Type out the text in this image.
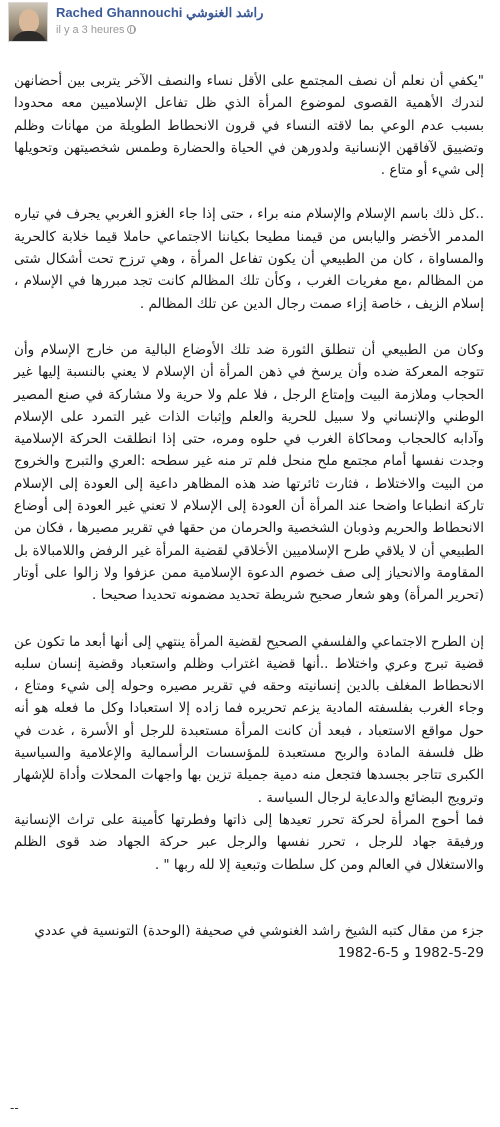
Rached Ghannouchi راشد الغنوشي
il y a 3 heures

"يكفي أن نعلم أن نصف المجتمع على الأقل نساء والنصف الآخر يتربى بين أحضانهن لندرك الأهمية القصوى لموضوع المرأة الذي ظل تفاعل الإسلاميين معه محدودا بسبب عدم الوعي بما لاقته النساء في قرون الانحطاط الطويلة من مهانات وظلم وتضييق لآفاقهن الإنسانية ولدورهن في الحياة والحضارة وطمس شخصيتهن وتحويلها إلى شيء أو متاع .

..كل ذلك باسم الإسلام والإسلام منه براء ، حتى إذا جاء الغزو الغربي يجرف في تياره المدمر الأخضر واليابس من قيمنا مطيحا بكياننا الاجتماعي حاملا قيما خلابة كالحرية والمساواة ، كان من الطبيعي أن يكون تفاعل المرأة ، وهي ترزح تحت أشكال شتى من المظالم ،مع مغريات الغرب ، وكأن تلك المظالم كانت تجد مبررها في الإسلام ، إسلام الزيف ، خاصة إزاء صمت رجال الدين عن تلك المظالم .

وكان من الطبيعي أن تنطلق الثورة ضد تلك الأوضاع البالية من خارج الإسلام وأن تتوجه المعركة ضده وأن يرسخ في ذهن المرأة أن الإسلام لا يعني بالنسبة إليها غير الحجاب وملازمة البيت وإمتاع الرجل ، فلا علم ولا حرية ولا مشاركة في صنع المصير الوطني والإنساني ولا سبيل للحرية والعلم وإثبات الذات غير التمرد على الإسلام وآدابه كالحجاب ومحاكاة الغرب في حلوه ومره، حتى إذا انطلقت الحركة الإسلامية وجدت نفسها أمام مجتمع ملح منحل فلم تر منه غير سطحه :العري والتبرج والخروج من البيت والاختلاط ، فثارت ثائرتها ضد هذه المظاهر داعية إلى العودة إلى الإسلام تاركة انطباعا واضحا عند المرأة أن العودة إلى الإسلام لا تعني غير العودة إلى أوضاع الانحطاط والحريم وذوبان الشخصية والحرمان من حقها في تقرير مصيرها ، فكان من الطبيعي أن لا يلاقي طرح الإسلاميين الأخلاقي لقضية المرأة غير الرفض واللامبالاة بل المقاومة والانحياز إلى صف خصوم الدعوة الإسلامية ممن عزفوا ولا زالوا على أوتار (تحرير المرأة) وهو شعار صحيح شريطة تحديد مضمونه تحديدا صحيحا .

إن الطرح الاجتماعي والفلسفي الصحيح لقضية المرأة ينتهي إلى أنها أبعد ما تكون عن قضية تبرج وعري واختلاط ..أنها قضية اغتراب وظلم واستعباد وقضية إنسان سلبه الانحطاط المغلف بالدين إنسانيته وحقه في تقرير مصيره وحوله إلى شيء ومتاع ، وجاء الغرب بفلسفته المادية يزعم تحريره فما زاده إلا استعبادا وكل ما فعله هو أنه حول مواقع الاستعباد ، فبعد أن كانت المرأة مستعبدة للرجل أو الأسرة ، غدت في ظل فلسفة المادة والربح مستعبدة للمؤسسات الرأسمالية والإعلامية والسياسية الكبرى تتاجر بجسدها فتجعل منه دمية جميلة تزين بها واجهات المحلات وأداة للإشهار وترويج البضائع والدعاية لرجال السياسة .

فما أحوج المرأة لحركة تحرر تعيدها إلى ذاتها وفطرتها كأمينة على تراث الإنسانية ورفيقة جهاد للرجل ، تحرر نفسها والرجل عبر حركة الجهاد ضد قوى الظلم والاستغلال في العالم ومن كل سلطات وتبعية إلا لله ربها " .

جزء من مقال كتبه الشيخ راشد الغنوشي في صحيفة (الوحدة) التونسية في عددي 29-5-1982 و 5-6-1982

--
